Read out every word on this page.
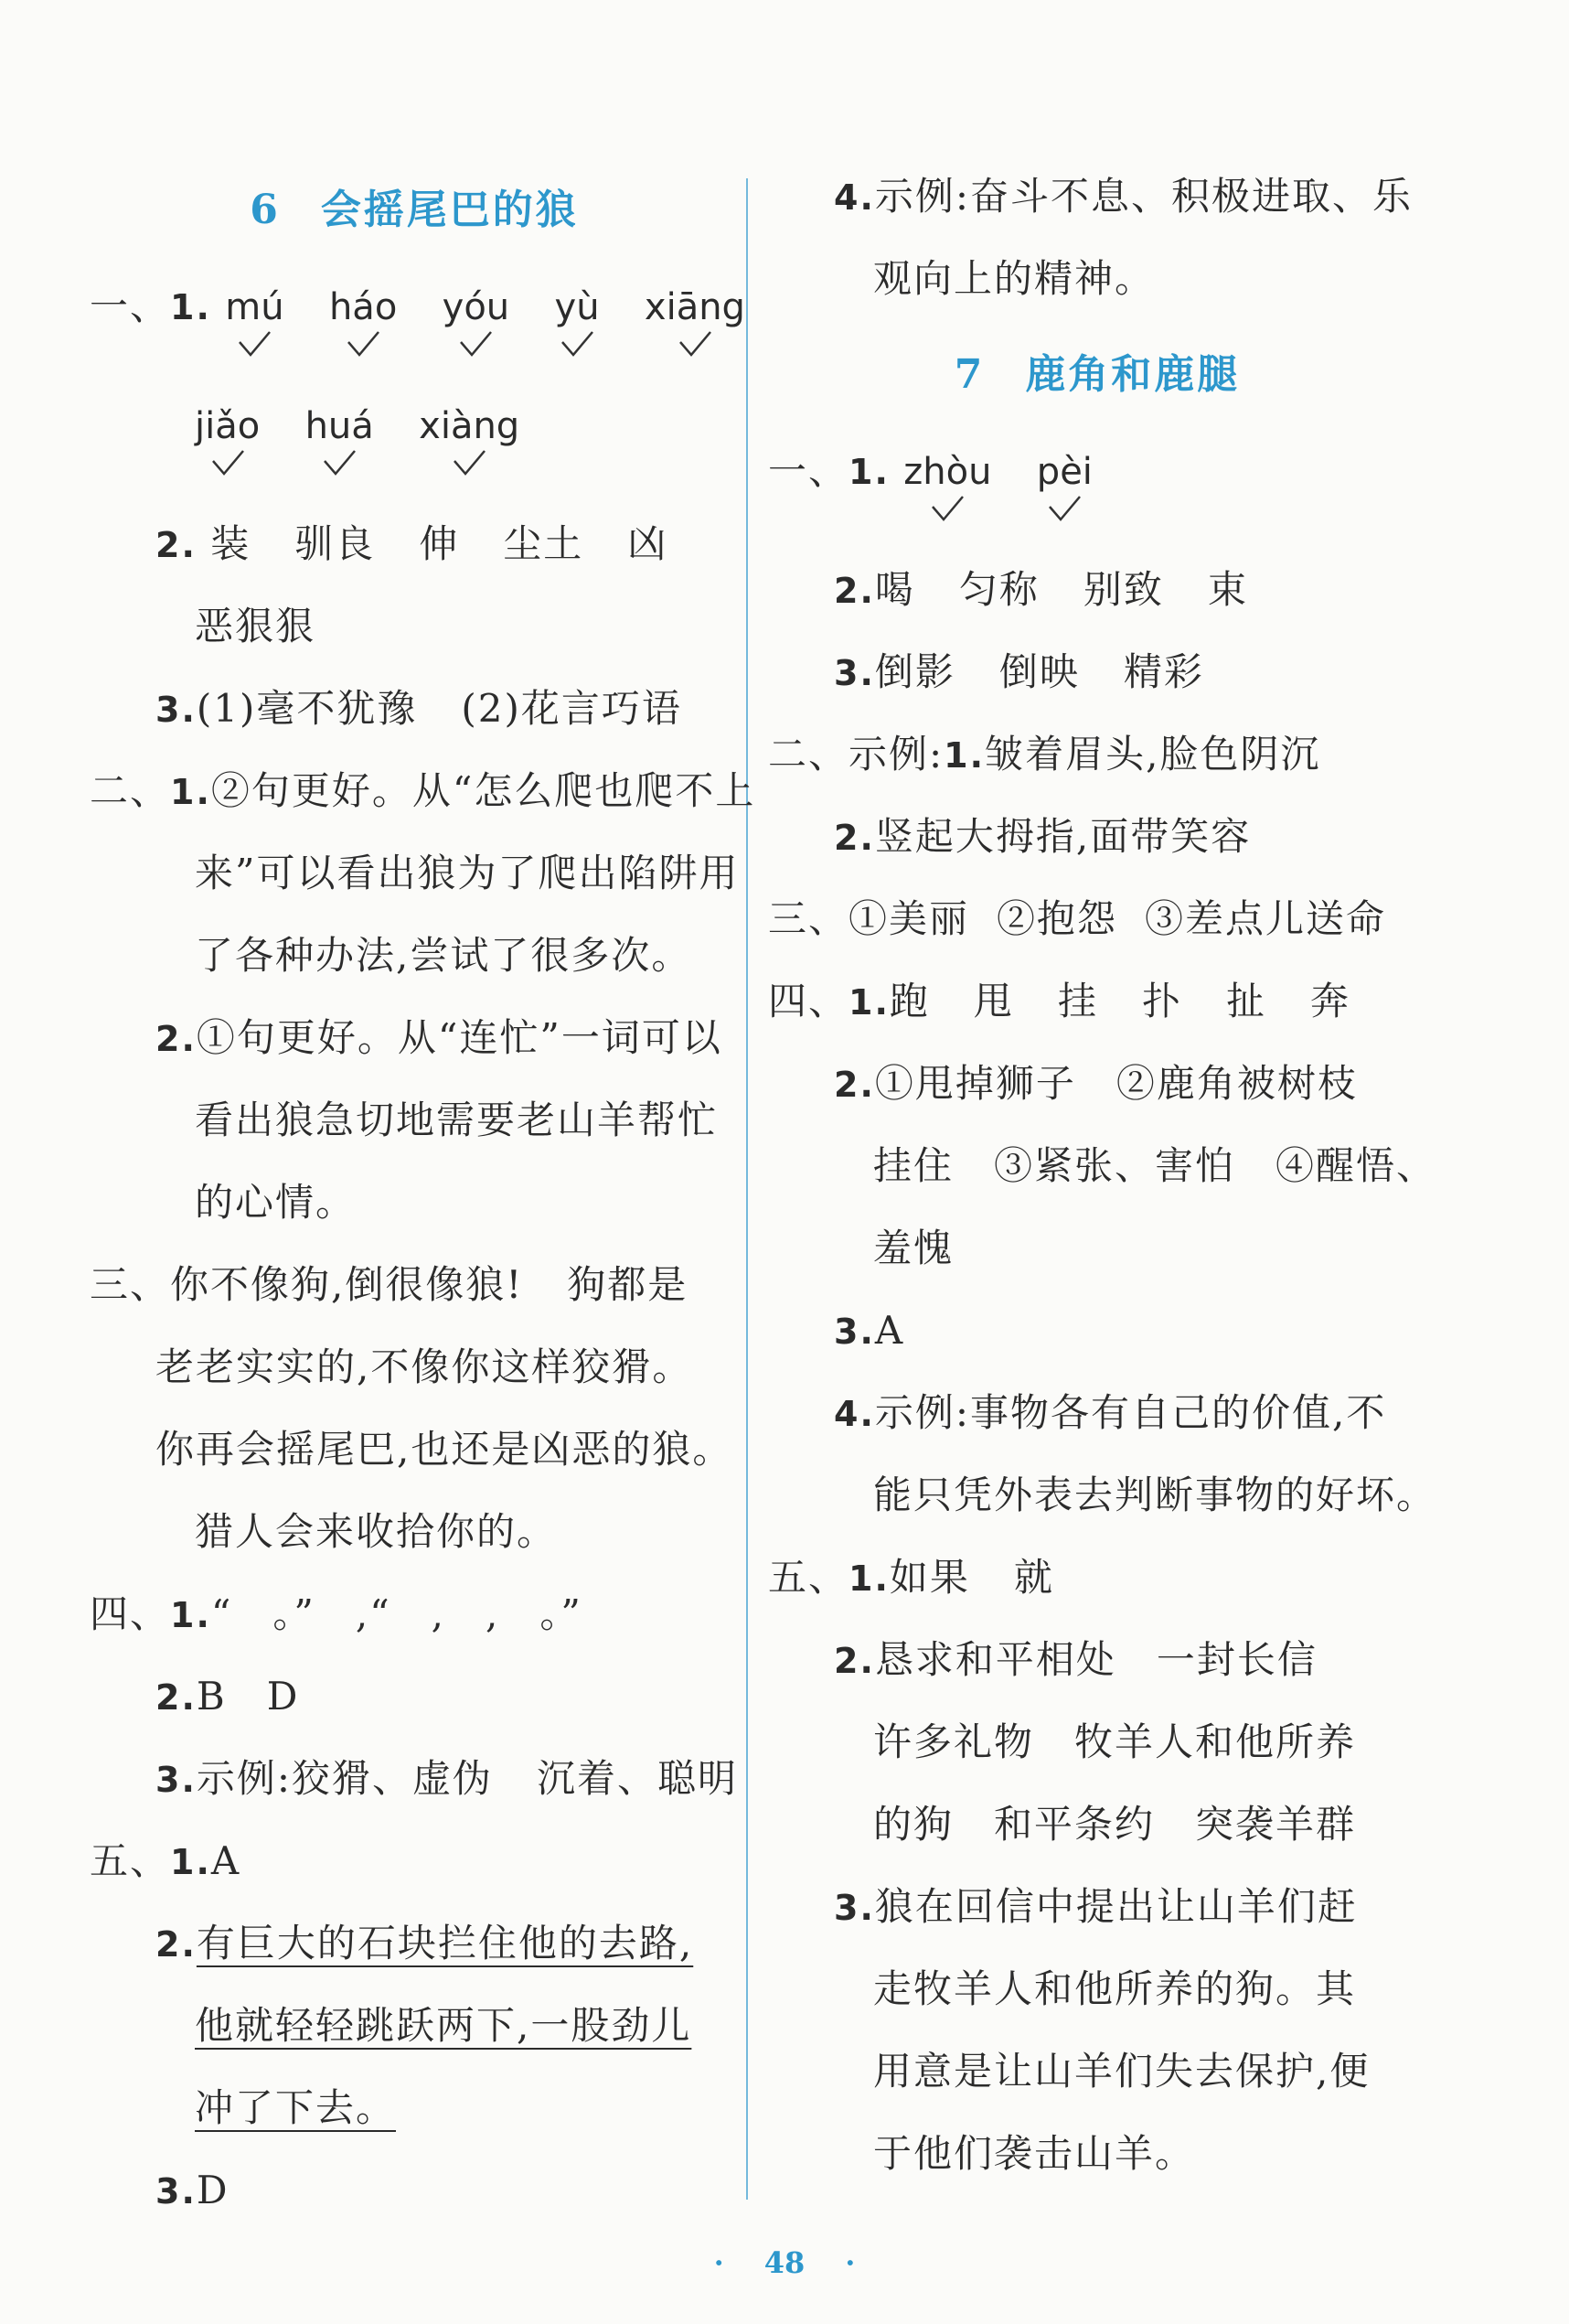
6 会摇尾巴的狼
一、1. mú háo yóu yù xiāng
jiǎo huá xiàng
2. 装 驯良 伸 尘土 凶
恶狠狠
3.(1)毫不犹豫 (2)花言巧语
二、1.②句更好。从“怎么爬也爬不上
来”可以看出狼为了爬出陷阱用
了各种办法,尝试了很多次。
2.①句更好。从“连忙”一词可以
看出狼急切地需要老山羊帮忙
的心情。
三、你不像狗,倒很像狼! 狗都是
老老实实的,不像你这样狡猾。
你再会摇尾巴,也还是凶恶的狼。
猎人会来收拾你的。
四、1.“　。”　,“　,　,　。”
2.B　D
3.示例:狡猾、虚伪 沉着、聪明
五、1.A
2.有巨大的石块拦住他的去路,
他就轻轻跳跃两下,一股劲儿
冲了下去。
3.D
4.示例:奋斗不息、积极进取、乐
观向上的精神。
7 鹿角和鹿腿
一、1. zhòu pèi
2.喝 匀称 别致 束
3.倒影 倒映 精彩
二、示例:1.皱着眉头,脸色阴沉
2.竖起大拇指,面带笑容
三、①美丽 ②抱怨 ③差点儿送命
四、1.跑 甩 挂 扑 扯 奔
2.①甩掉狮子　②鹿角被树枝
挂住　③紧张、害怕　④醒悟、
羞愧
3.A
4.示例:事物各有自己的价值,不
能只凭外表去判断事物的好坏。
五、1.如果 就
2.恳求和平相处　一封长信
许多礼物　牧羊人和他所养
的狗　和平条约　突袭羊群
3.狼在回信中提出让山羊们赶
走牧羊人和他所养的狗。其
用意是让山羊们失去保护,便
于他们袭击山羊。
· 48 ·
